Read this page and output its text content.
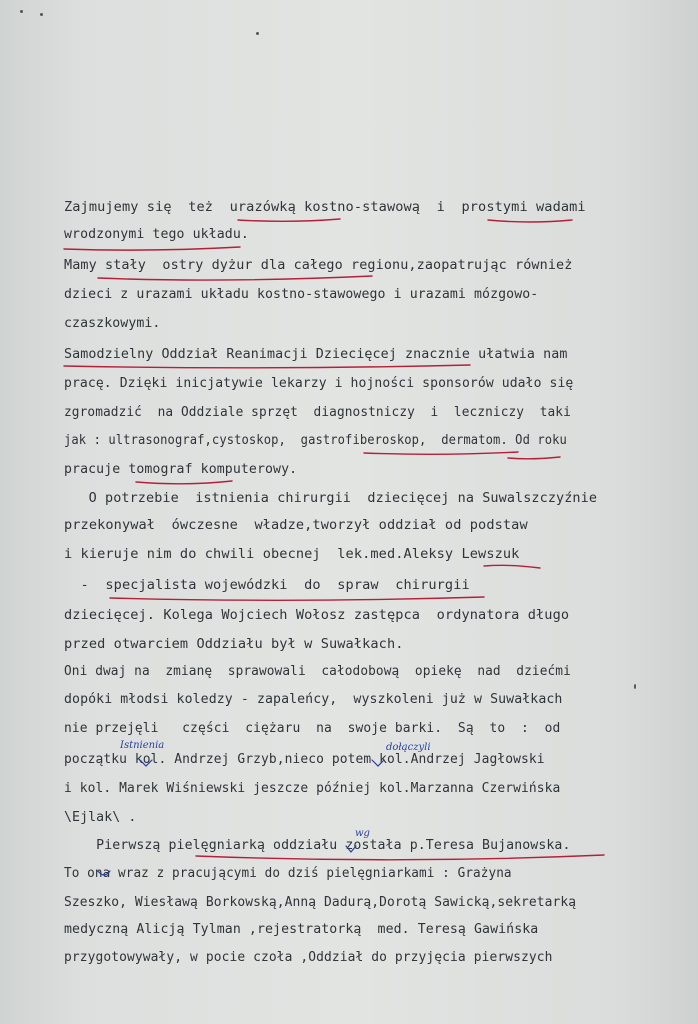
Zajmujemy się  też  urazówką kostno-stawową  i  prostymi wadami
wrodzonymi tego układu.
Mamy stały  ostry dyżur dla całego regionu,zaopatrując również
dzieci z urazami układu kostno-stawowego i urazami mózgowo-
czaszkowymi.
Samodzielny Oddział Reanimacji Dziecięcej znacznie ułatwia nam
pracę. Dzięki inicjatywie lekarzy i hojności sponsorów udało się
zgromadzić  na Oddziale sprzęt  diagnostniczy  i  leczniczy  taki
jak : ultrasonograf,cystoskop,  gastrofiberoskop,  dermatom. Od roku
pracuje tomograf komputerowy.
O potrzebie  istnienia chirurgii  dziecięcej na Suwalszczyźnie
przekonywał  ówczesne  władze,tworzył oddział od podstaw
i kieruje nim do chwili obecnej  lek.med.Aleksy Lewszuk
-  specjalista wojewódzki  do  spraw  chirurgii
dziecięcej. Kolega Wojciech Wołosz zastępca  ordynatora długo
przed otwarciem Oddziału był w Suwałkach.
Oni dwaj na  zmianę  sprawowali  całodobową  opiekę  nad  dziećmi
dopóki młodsi koledzy - zapaleńcy,  wyszkoleni już w Suwałkach
nie przejęli   części  ciężaru  na  swoje barki.  Są  to  :  od
początku kol. Andrzej Grzyb,nieco potem kol.Andrzej Jagłowski
i kol. Marek Wiśniewski jeszcze później kol.Marzanna Czerwińska
\Ejlak\ .
Pierwszą pielęgniarką oddziału została p.Teresa Bujanowska.
To ona wraz z pracującymi do dziś pielęgniarkami : Grażyna
Szeszko, Wiesławą Borkowską,Anną Dadurą,Dorotą Sawicką,sekretarką
medyczną Alicją Tylman ,rejestratorką  med. Teresą Gawińska
przygotowywały, w pocie czoła ,Oddział do przyjęcia pierwszych
Istnienia	dołączyli
wg
